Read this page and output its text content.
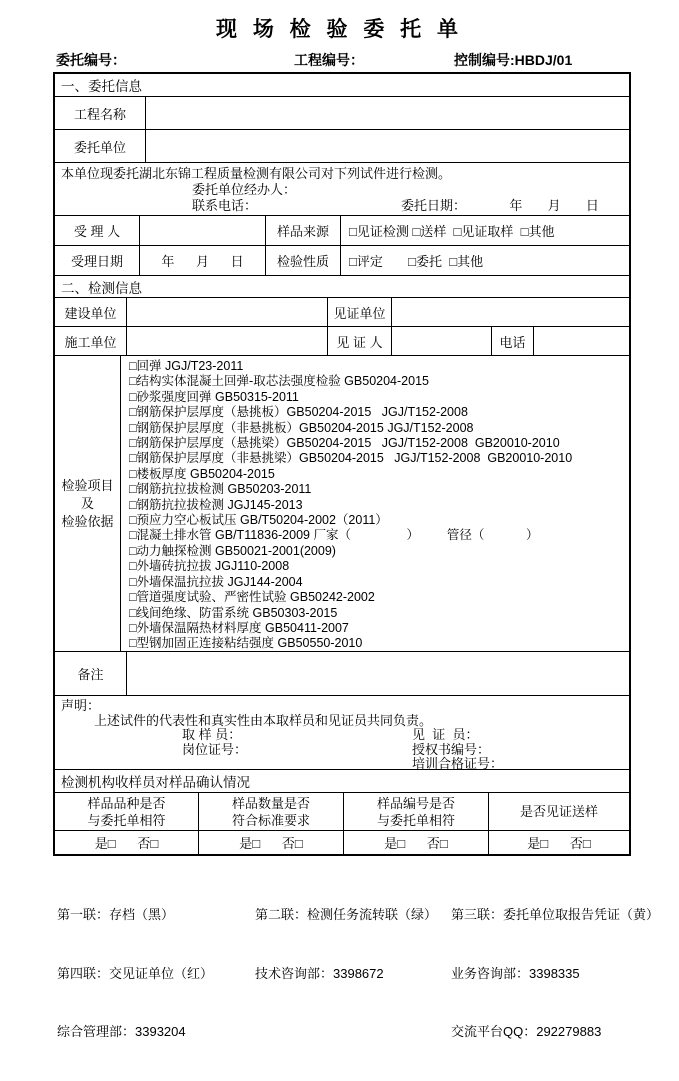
现 场 检 验 委 托 单
委托编号：	工程编号：	控制编号:HBDJ/01
一、委托信息
工程名称
委托单位
本单位现委托湖北东锦工程质量检测有限公司对下列试件进行检测。
委托单位经办人：
联系电话：	委托日期：            年       月       日
受 理 人	样品来源	□见证检测 □送样  □见证取样  □其他
受理日期	年      月      日	检验性质	□评定       □委托  □其他
二、检测信息
建设单位	见证单位
施工单位	见 证 人	电话
检验项目
及
检验依据
□回弹 JGJ/T23-2011
□结构实体混凝土回弹-取芯法强度检验 GB50204-2015
□砂浆强度回弹 GB50315-2011
□钢筋保护层厚度（悬挑板）GB50204-2015   JGJ/T152-2008
□钢筋保护层厚度（非悬挑板）GB50204-2015 JGJ/T152-2008
□钢筋保护层厚度（悬挑梁）GB50204-2015   JGJ/T152-2008  GB20010-2010
□钢筋保护层厚度（非悬挑梁）GB50204-2015   JGJ/T152-2008  GB20010-2010
□楼板厚度 GB50204-2015
□钢筋抗拉拔检测 GB50203-2011
□钢筋抗拉拔检测 JGJ145-2013
□预应力空心板试压 GB/T50204-2002（2011）
□混凝土排水管 GB/T11836-2009 厂家（                ）        管径（            ）
□动力触探检测 GB50021-2001(2009)
□外墙砖抗拉拔 JGJ110-2008
□外墙保温抗拉拔 JGJ144-2004
□管道强度试验、严密性试验 GB50242-2002
□线间绝缘、防雷系统 GB50303-2015
□外墙保温隔热材料厚度 GB50411-2007
□型钢加固正连接粘结强度 GB50550-2010
备注
声明：
上述试件的代表性和真实性由本取样员和见证员共同负责。
取 样 员：	见  证  员：
岗位证号：	授权书编号：
培训合格证号：
检测机构收样员对样品确认情况
样品品种是否
与委托单相符
样品数量是否
符合标准要求
样品编号是否
与委托单相符
是否见证送样
是□      否□	是□      否□	是□      否□	是□      否□

第一联：存档（黑）

第四联：交见证单位（红）

综合管理部：3393204

第二联：检测任务流转联（绿）

技术咨询部：3398672

第三联：委托单位取报告凭证（黄）

业务咨询部：3398335

交流平台QQ：292279883
